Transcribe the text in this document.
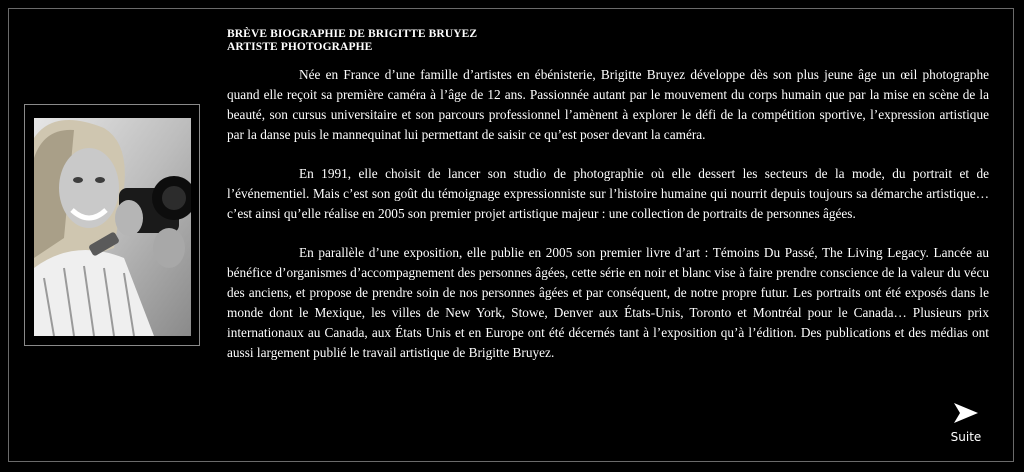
BRÈVE BIOGRAPHIE DE BRIGITTE BRUYEZ
ARTISTE PHOTOGRAPHE

Née en France d’une famille d’artistes en ébénisterie, Brigitte Bruyez développe dès son plus jeune âge un œil photographe quand elle reçoit sa première caméra à l’âge de 12 ans. Passionnée autant par le mouvement du corps humain que par la mise en scène de la beauté, son cursus universitaire et son parcours professionnel l’amènent à explorer le défi de la compétition sportive, l’expression artistique par la danse puis le mannequinat lui permettant de saisir ce qu’est poser devant la caméra.

En 1991, elle choisit de lancer son studio de photographie où elle dessert les secteurs de la mode, du portrait et de l’événementiel. Mais c’est son goût du témoignage expressionniste sur l’histoire humaine qui nourrit depuis toujours sa démarche artistique… c’est ainsi qu’elle réalise en 2005 son premier projet artistique majeur : une collection de portraits de personnes âgées.

En parallèle d’une exposition, elle publie en 2005 son premier livre d’art : Témoins Du Passé, The Living Legacy. Lancée au bénéfice d’organismes d’accompagnement des personnes âgées, cette série en noir et blanc vise à faire prendre conscience de la valeur du vécu des anciens, et propose de prendre soin de nos personnes âgées et par conséquent, de notre propre futur. Les portraits ont été exposés dans le monde dont le Mexique, les villes de New York, Stowe, Denver aux États-Unis, Toronto et Montréal pour le Canada… Plusieurs prix internationaux au Canada, aux États Unis et en Europe ont été décernés tant à l’exposition qu’à l’édition. Des publications et des médias ont aussi largement publié le travail artistique de Brigitte Bruyez.

Suite
